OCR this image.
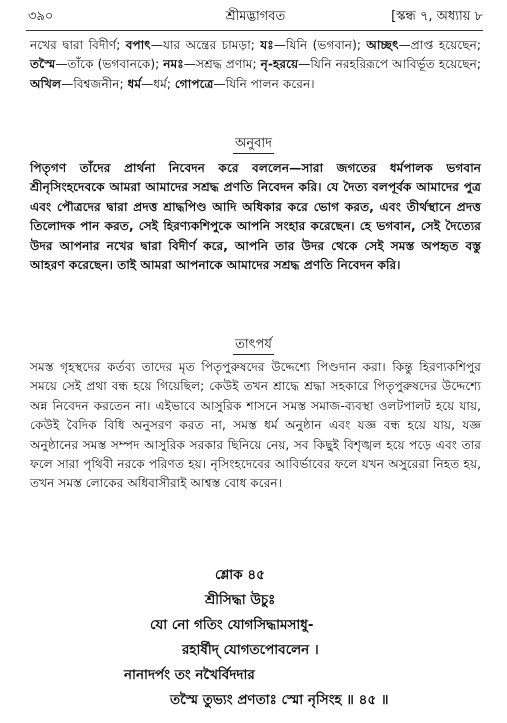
৩৯০	শ্রীমদ্ভাগবত	[স্কন্ধ ৭, অধ্যায় ৮

নখের দ্বারা বিদীর্ণ; বপাৎ—যার অন্ত্রের চামড়া; যঃ—যিনি (ভগবান); আচ্ছৎ—প্রাপ্ত হয়েছেন; তস্মৈ—তাঁকে (ভগবানকে); নমঃ—সশ্রদ্ধ প্রণাম; নৃ-হরয়ে—যিনি নরহরিরূপে আবির্ভূত হয়েছেন; অখিল—বিশ্বজনীন; ধর্ম—ধর্ম; গোপত্রে—যিনি পালন করেন।

অনুবাদ

পিতৃগণ তাঁদের প্রার্থনা নিবেদন করে বললেন—সারা জগতের ধর্মপালক ভগবান শ্রীনৃসিংহদেবকে আমরা আমাদের সশ্রদ্ধ প্রণতি নিবেদন করি। যে দৈত্য বলপূর্বক আমাদের পুত্র এবং পৌত্রদের দ্বারা প্রদত্ত শ্রাদ্ধপিণ্ড আদি অধিকার করে ভোগ করত, এবং তীর্থস্থানে প্রদত্ত তিলোদক পান করত, সেই হিরণ্যকশিপুকে আপনি সংহার করেছেন। হে ভগবান, সেই দৈত্যের উদর আপনার নখের দ্বারা বিদীর্ণ করে, আপনি তার উদর থেকে সেই সমস্ত অপহৃত বস্তু আহরণ করেছেন। তাই আমরা আপনাকে আমাদের সশ্রদ্ধ প্রণতি নিবেদন করি।

তাৎপর্য

সমস্ত গৃহস্থদের কর্তব্য তাদের মৃত পিতৃপুরুষদের উদ্দেশ্যে পিণ্ডদান করা। কিন্তু হিরণ্যকশিপুর সময়ে সেই প্রথা বন্ধ হয়ে গিয়েছিল; কেউই তখন শ্রাদ্ধে শ্রদ্ধা সহকারে পিতৃপুরুষদের উদ্দেশ্যে অন্ন নিবেদন করতেন না। এইভাবে আসুরিক শাসনে সমস্ত সমাজ-ব্যবস্থা ওলটপালট হয়ে যায়, কেউই বৈদিক বিধি অনুসরণ করত না, সমস্ত ধর্ম অনুষ্ঠান এবং যজ্ঞ বন্ধ হয়ে যায়, যজ্ঞ অনুষ্ঠানের সমস্ত সম্পদ আসুরিক সরকার ছিনিয়ে নেয়, সব কিছুই বিশৃঙ্খল হয়ে পড়ে এবং তার ফলে সারা পৃথিবী নরকে পরিণত হয়। নৃসিংহদেবের আবির্ভাবের ফলে যখন অসুরেরা নিহত হয়, তখন সমস্ত লোকের অধিবাসীরাই আশ্বস্ত বোধ করেন।

শ্লোক ৪৫
শ্রীসিদ্ধা উচুঃ
যো নো গতিং যোগসিদ্ধামসাধু-
রহার্ষীদ্ যোগতপোবলেন ।
নানাদর্পং তং নখৈর্বিদদার
তস্মৈ তুভ্যং প্রণতাঃ স্মো নৃসিংহ ॥ ৪৫ ॥
